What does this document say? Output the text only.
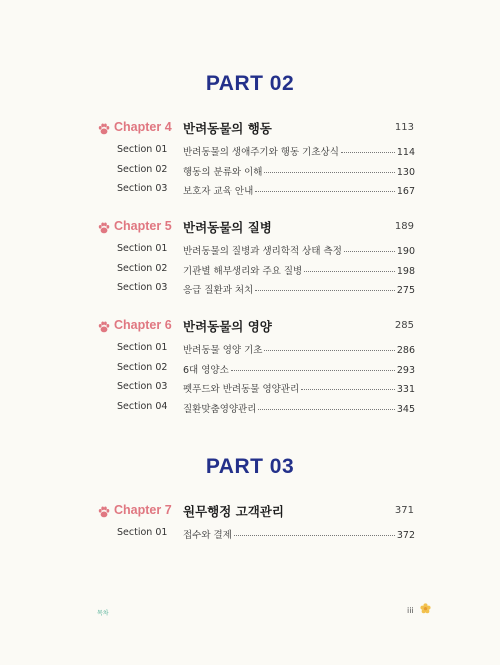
PART 02
Chapter 4 반려동물의 행동	113
Section 01 반려동물의 생애주기와 행동 기초상식	114
Section 02 행동의 분류와 이해	130
Section 03 보호자 교육 안내	167
Chapter 5 반려동물의 질병	189
Section 01 반려동물의 질병과 생리학적 상태 측정	190
Section 02 기관별 해부생리와 주요 질병	198
Section 03 응급 질환과 처치	275
Chapter 6 반려동물의 영양	285
Section 01 반려동물 영양 기초	286
Section 02 6대 영양소	293
Section 03 펫푸드와 반려동물 영양관리	331
Section 04 질환맞춤영양관리	345
PART 03
Chapter 7 원무행정 고객관리	371
Section 01 접수와 결제	372
목차	iii
